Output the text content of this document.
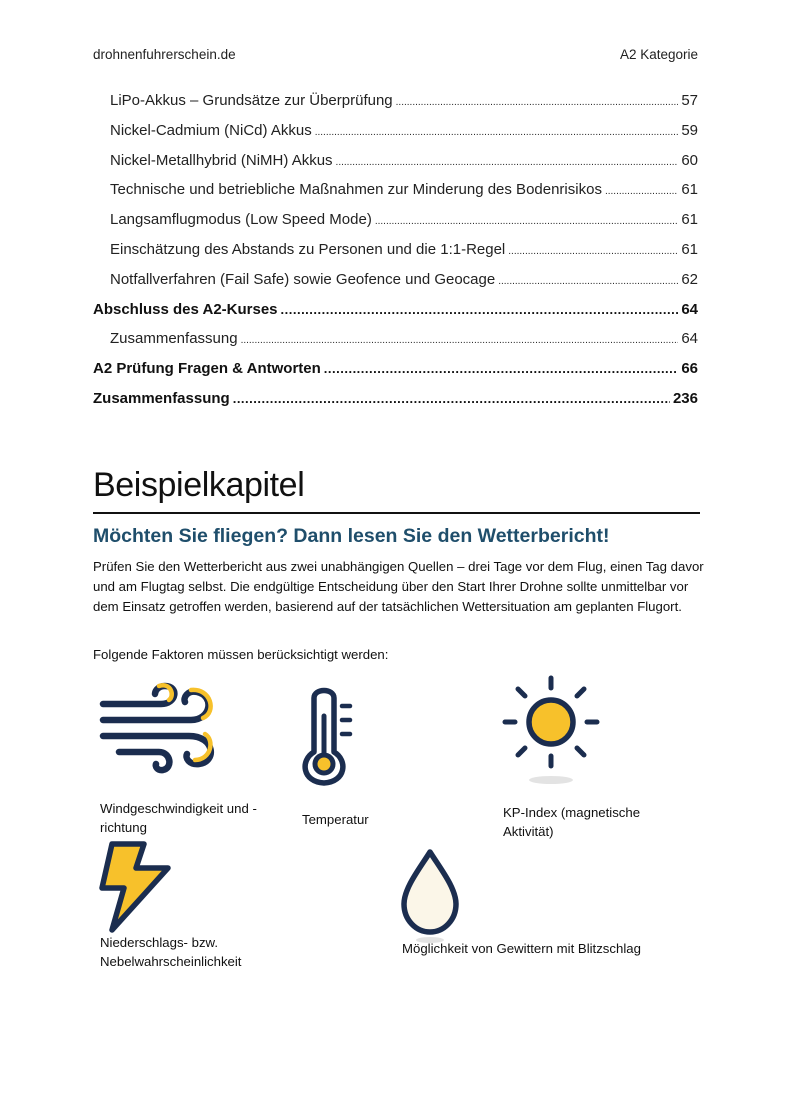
drohnenfuhrerschein.de	A2 Kategorie
LiPo-Akkus – Grundsätze zur Überprüfung .....	57
Nickel-Cadmium (NiCd) Akkus .....	59
Nickel-Metallhybrid (NiMH) Akkus .....	60
Technische und betriebliche Maßnahmen zur Minderung des Bodenrisikos .....	61
Langsamflugmodus (Low Speed Mode) .....	61
Einschätzung des Abstands zu Personen und die 1:1-Regel .....	61
Notfallverfahren (Fail Safe) sowie Geofence und Geocage .....	62
Abschluss des A2-Kurses .....	64
Zusammenfassung .....	64
A2 Prüfung Fragen & Antworten .....	66
Zusammenfassung .....	236
Beispielkapitel
Möchten Sie fliegen? Dann lesen Sie den Wetterbericht!
Prüfen Sie den Wetterbericht aus zwei unabhängigen Quellen – drei Tage vor dem Flug, einen Tag davor und am Flugtag selbst. Die endgültige Entscheidung über den Start Ihrer Drohne sollte unmittelbar vor dem Einsatz getroffen werden, basierend auf der tatsächlichen Wettersituation am geplanten Flugort.
Folgende Faktoren müssen berücksichtigt werden:
Windgeschwindigkeit und -
richtung	Temperatur	KP-Index (magnetische
Aktivität)
Niederschlags- bzw.
Nebelwahrscheinlichkeit
Möglichkeit von Gewittern mit Blitzschlag
